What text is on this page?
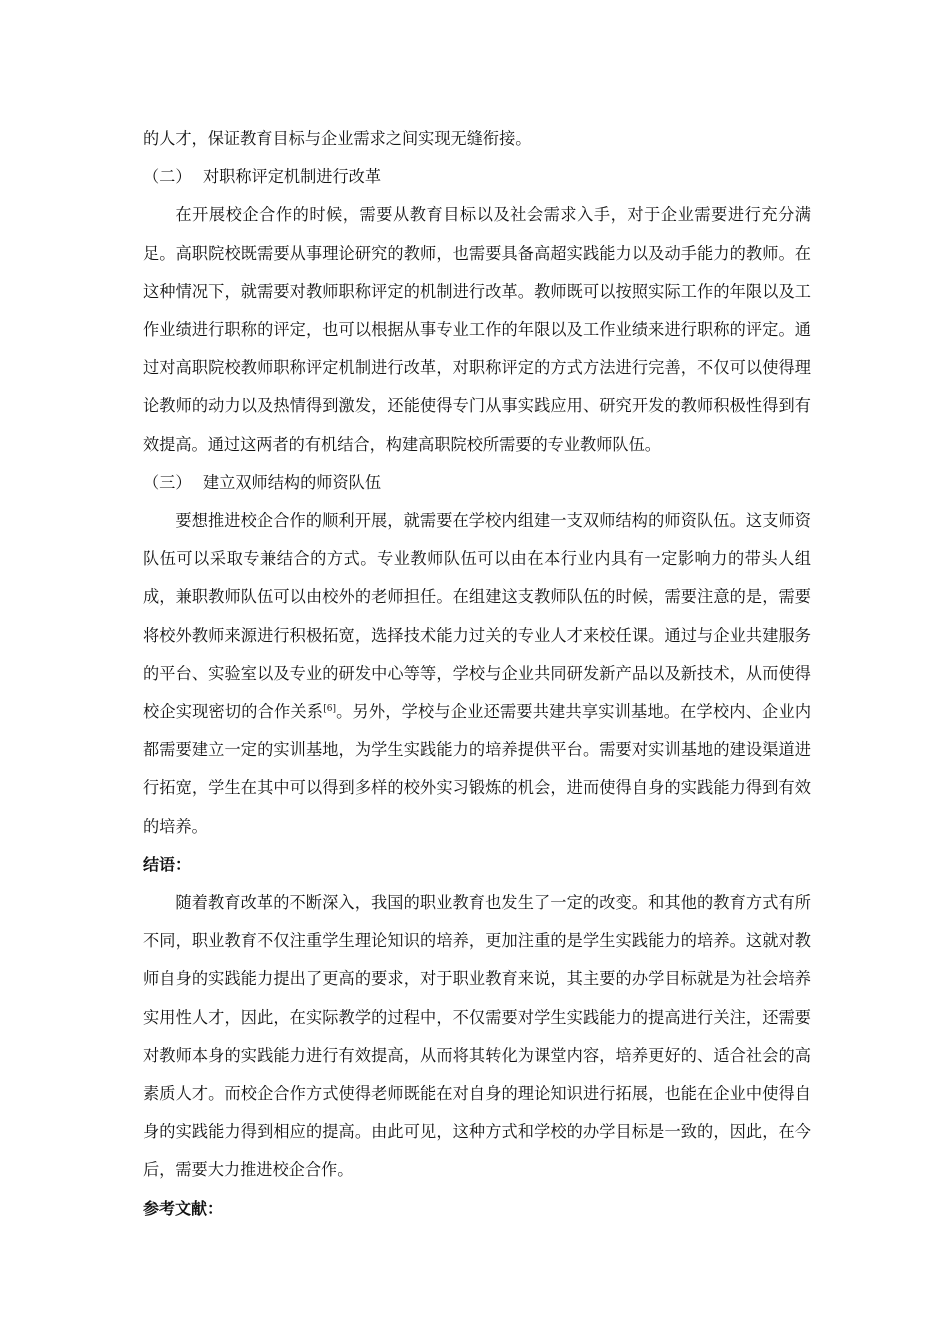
的人才，保证教育目标与企业需求之间实现无缝衔接。

（二） 对职称评定机制进行改革

在开展校企合作的时候，需要从教育目标以及社会需求入手，对于企业需要进行充分满足。高职院校既需要从事理论研究的教师，也需要具备高超实践能力以及动手能力的教师。在这种情况下，就需要对教师职称评定的机制进行改革。教师既可以按照实际工作的年限以及工作业绩进行职称的评定，也可以根据从事专业工作的年限以及工作业绩来进行职称的评定。通过对高职院校教师职称评定机制进行改革，对职称评定的方式方法进行完善，不仅可以使得理论教师的动力以及热情得到激发，还能使得专门从事实践应用、研究开发的教师积极性得到有效提高。通过这两者的有机结合，构建高职院校所需要的专业教师队伍。

（三） 建立双师结构的师资队伍

要想推进校企合作的顺利开展，就需要在学校内组建一支双师结构的师资队伍。这支师资队伍可以采取专兼结合的方式。专业教师队伍可以由在本行业内具有一定影响力的带头人组成，兼职教师队伍可以由校外的老师担任。在组建这支教师队伍的时候，需要注意的是，需要将校外教师来源进行积极拓宽，选择技术能力过关的专业人才来校任课。通过与企业共建服务的平台、实验室以及专业的研发中心等等，学校与企业共同研发新产品以及新技术，从而使得校企实现密切的合作关系[6]。另外，学校与企业还需要共建共享实训基地。在学校内、企业内都需要建立一定的实训基地，为学生实践能力的培养提供平台。需要对实训基地的建设渠道进行拓宽，学生在其中可以得到多样的校外实习锻炼的机会，进而使得自身的实践能力得到有效的培养。

结语：

随着教育改革的不断深入，我国的职业教育也发生了一定的改变。和其他的教育方式有所不同，职业教育不仅注重学生理论知识的培养，更加注重的是学生实践能力的培养。这就对教师自身的实践能力提出了更高的要求，对于职业教育来说，其主要的办学目标就是为社会培养实用性人才，因此，在实际教学的过程中，不仅需要对学生实践能力的提高进行关注，还需要对教师本身的实践能力进行有效提高，从而将其转化为课堂内容，培养更好的、适合社会的高素质人才。而校企合作方式使得老师既能在对自身的理论知识进行拓展，也能在企业中使得自身的实践能力得到相应的提高。由此可见，这种方式和学校的办学目标是一致的，因此，在今后，需要大力推进校企合作。

参考文献：
